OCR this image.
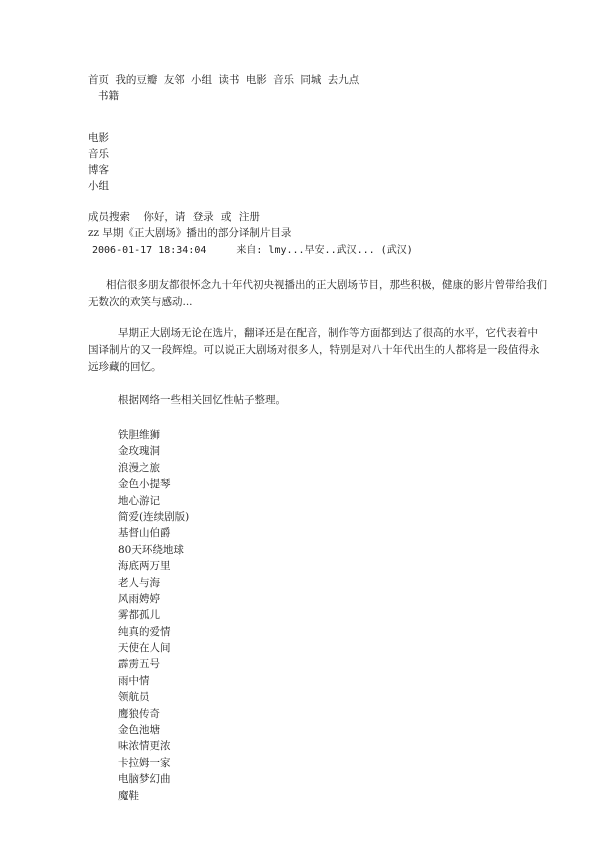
首页 我的豆瓣 友邻 小组 读书 电影 音乐 同城 去九点
书籍
电影
音乐
博客
小组
成员搜索 你好，请 登录 或 注册
zz 早期《正大剧场》播出的部分译制片目录
2006-01-17 18:34:04	来自: lmy...早安..武汉... (武汉)
相信很多朋友都很怀念九十年代初央视播出的正大剧场节目，那些积极，健康的影片曾带给我们无数次的欢笑与感动...
早期正大剧场无论在选片，翻译还是在配音，制作等方面都到达了很高的水平，它代表着中国译制片的又一段辉煌。可以说正大剧场对很多人，特别是对八十年代出生的人都将是一段值得永远珍藏的回忆。
根据网络一些相关回忆性帖子整理。
铁胆维狮
金玫瑰洞
浪漫之旅
金色小提琴
地心游记
简爱(连续剧版)
基督山伯爵
80天环绕地球
海底两万里
老人与海
风雨娉婷
雾都孤儿
纯真的爱情
天使在人间
霹雳五号
雨中情
领航员
鹰狼传奇
金色池塘
味浓情更浓
卡拉姆一家
电脑梦幻曲
魔鞋
